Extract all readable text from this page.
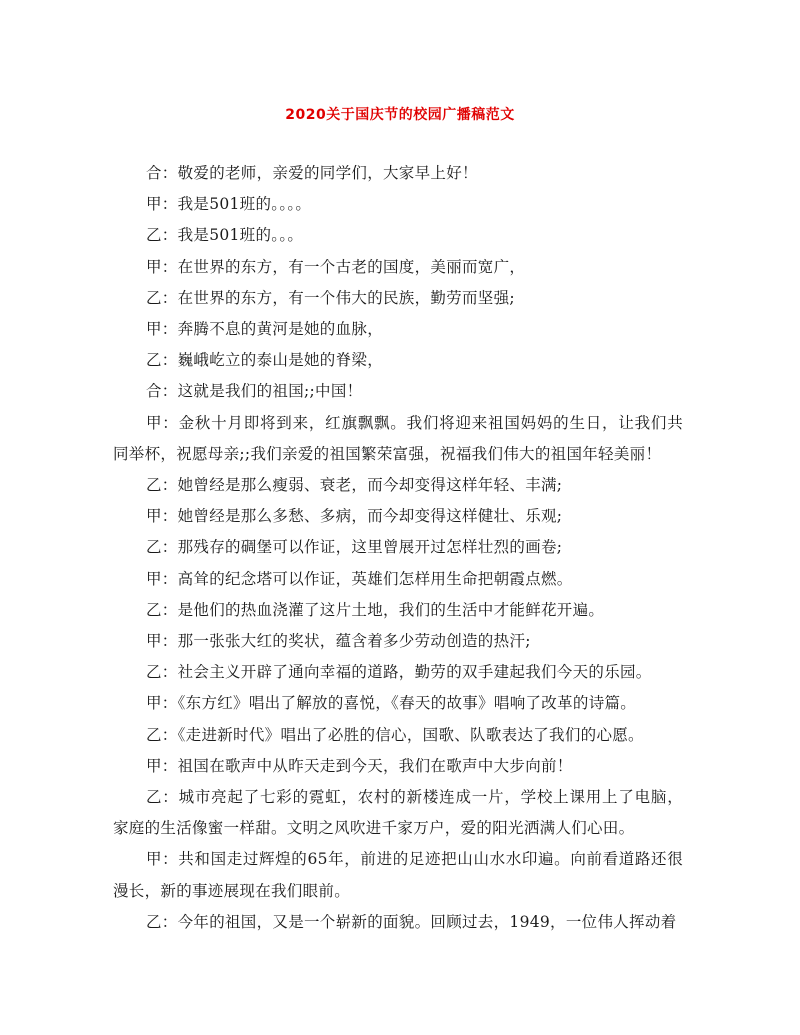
2020关于国庆节的校园广播稿范文

合：敬爱的老师，亲爱的同学们，大家早上好！

甲：我是501班的。。。。

乙：我是501班的。。。

甲：在世界的东方，有一个古老的国度，美丽而宽广，

乙：在世界的东方，有一个伟大的民族，勤劳而坚强;

甲：奔腾不息的黄河是她的血脉，

乙：巍峨屹立的泰山是她的脊梁，

合：这就是我们的祖国;;中国！

甲：金秋十月即将到来，红旗飘飘。我们将迎来祖国妈妈的生日，让我们共同举杯，祝愿母亲;;我们亲爱的祖国繁荣富强，祝福我们伟大的祖国年轻美丽！

乙：她曾经是那么瘦弱、衰老，而今却变得这样年轻、丰满;

甲：她曾经是那么多愁、多病，而今却变得这样健壮、乐观;

乙：那残存的碉堡可以作证，这里曾展开过怎样壮烈的画卷;

甲：高耸的纪念塔可以作证，英雄们怎样用生命把朝霞点燃。

乙：是他们的热血浇灌了这片土地，我们的生活中才能鲜花开遍。

甲：那一张张大红的奖状，蕴含着多少劳动创造的热汗;

乙：社会主义开辟了通向幸福的道路，勤劳的双手建起我们今天的乐园。

甲：《东方红》唱出了解放的喜悦，《春天的故事》唱响了改革的诗篇。

乙：《走进新时代》唱出了必胜的信心，国歌、队歌表达了我们的心愿。

甲：祖国在歌声中从昨天走到今天，我们在歌声中大步向前！

乙：城市亮起了七彩的霓虹，农村的新楼连成一片，学校上课用上了电脑，家庭的生活像蜜一样甜。文明之风吹进千家万户，爱的阳光洒满人们心田。

甲：共和国走过辉煌的65年，前进的足迹把山山水水印遍。向前看道路还很漫长，新的事迹展现在我们眼前。

乙：今年的祖国，又是一个崭新的面貌。回顾过去，1949，一位伟人挥动着
